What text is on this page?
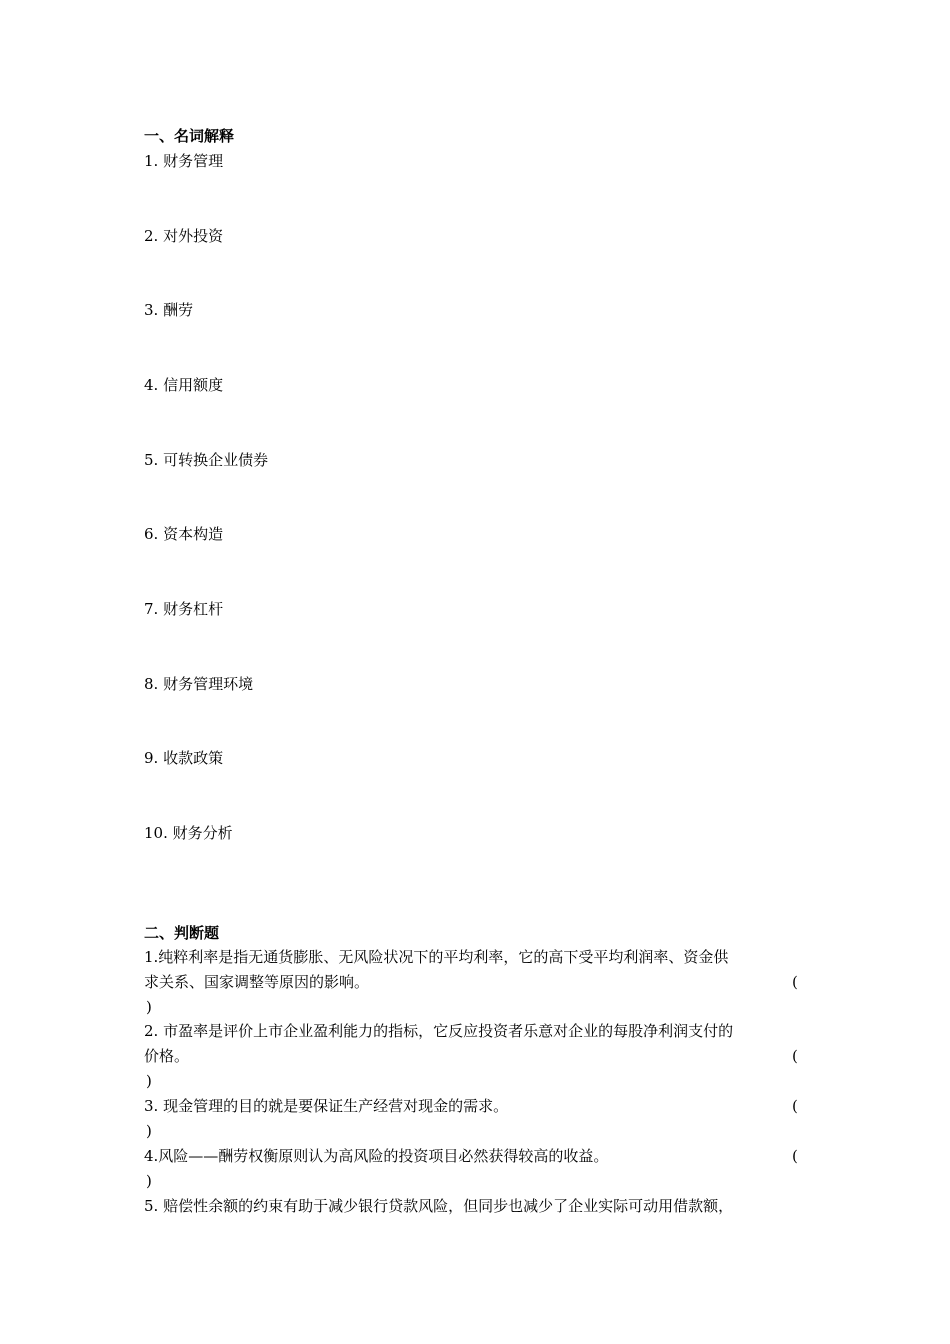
一、名词解释
1. 财务管理
2. 对外投资
3. 酬劳
4. 信用额度
5. 可转换企业债券
6. 资本构造
7. 财务杠杆
8. 财务管理环境
9. 收款政策
10. 财务分析
二、判断题
1.纯粹利率是指无通货膨胀、无风险状况下的平均利率，它的高下受平均利润率、资金供
求关系、国家调整等原因的影响。	(
)
2. 市盈率是评价上市企业盈利能力的指标，它反应投资者乐意对企业的每股净利润支付的
价格。	(
)
3. 现金管理的目的就是要保证生产经营对现金的需求。	(
)
4.风险——酬劳权衡原则认为高风险的投资项目必然获得较高的收益。	(
)
5. 赔偿性余额的约束有助于减少银行贷款风险，但同步也减少了企业实际可动用借款额，
